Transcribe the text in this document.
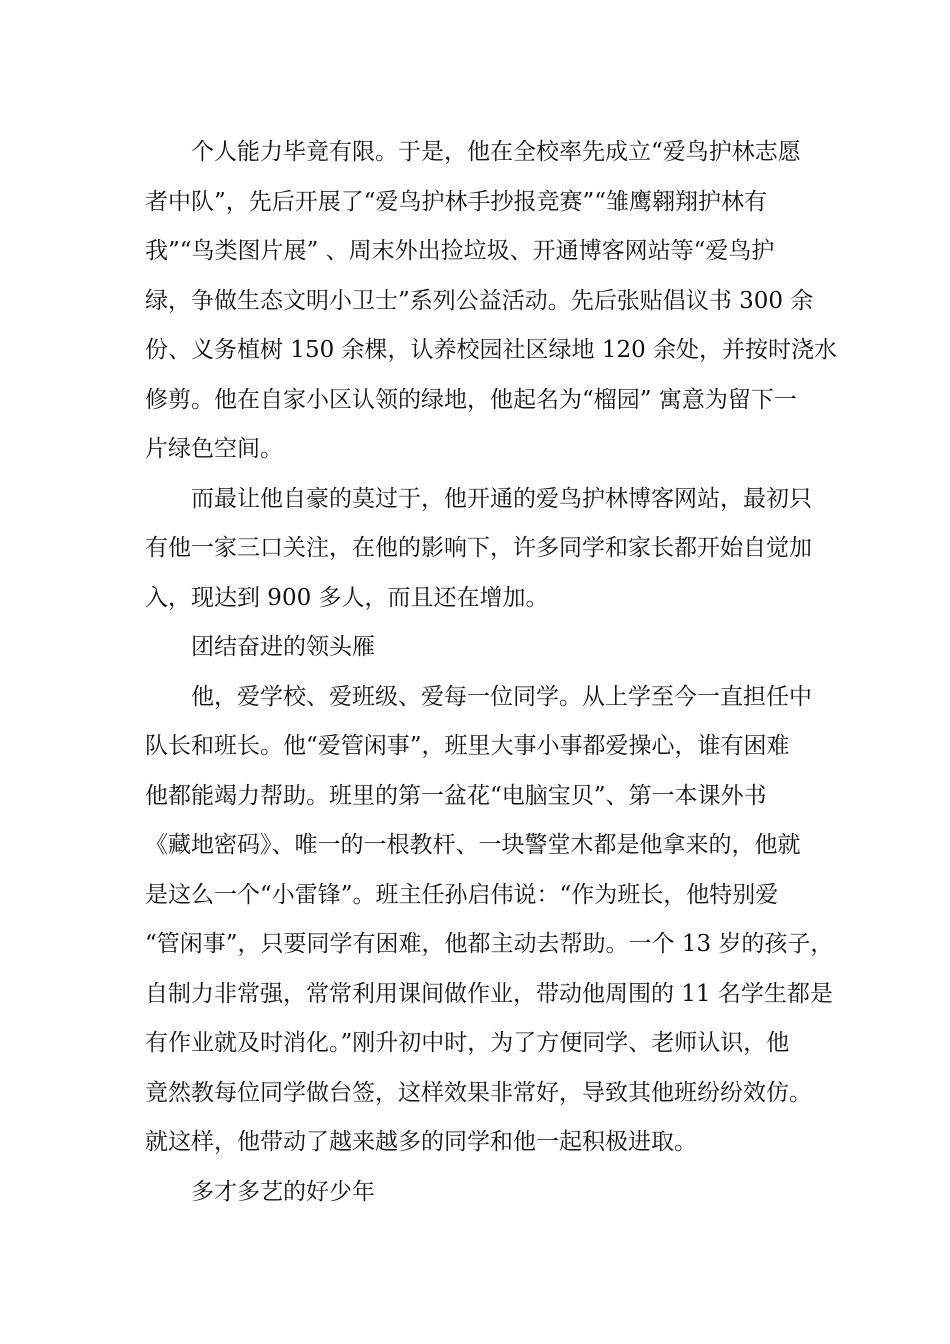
个人能力毕竟有限。于是，他在全校率先成立“爱鸟护林志愿
者中队”，先后开展了“爱鸟护林手抄报竞赛”“雏鹰翱翔护林有
我”“鸟类图片展” 、周末外出捡垃圾、开通博客网站等“爱鸟护
绿，争做生态文明小卫士”系列公益活动。先后张贴倡议书 300 余
份、义务植树 150 余棵，认养校园社区绿地 120 余处，并按时浇水
修剪。他在自家小区认领的绿地，他起名为“榴园” 寓意为留下一
片绿色空间。
而最让他自豪的莫过于，他开通的爱鸟护林博客网站，最初只
有他一家三口关注，在他的影响下，许多同学和家长都开始自觉加
入，现达到 900 多人，而且还在增加。
团结奋进的领头雁
他，爱学校、爱班级、爱每一位同学。从上学至今一直担任中
队长和班长。他“爱管闲事”，班里大事小事都爱操心，谁有困难
他都能竭力帮助。班里的第一盆花“电脑宝贝”、第一本课外书
《藏地密码》、唯一的一根教杆、一块警堂木都是他拿来的，他就
是这么一个“小雷锋”。班主任孙启伟说：“作为班长，他特别爱
“管闲事”，只要同学有困难，他都主动去帮助。一个 13 岁的孩子，
自制力非常强，常常利用课间做作业，带动他周围的 11 名学生都是
有作业就及时消化。”刚升初中时，为了方便同学、老师认识，他
竟然教每位同学做台签，这样效果非常好，导致其他班纷纷效仿。
就这样，他带动了越来越多的同学和他一起积极进取。
多才多艺的好少年
